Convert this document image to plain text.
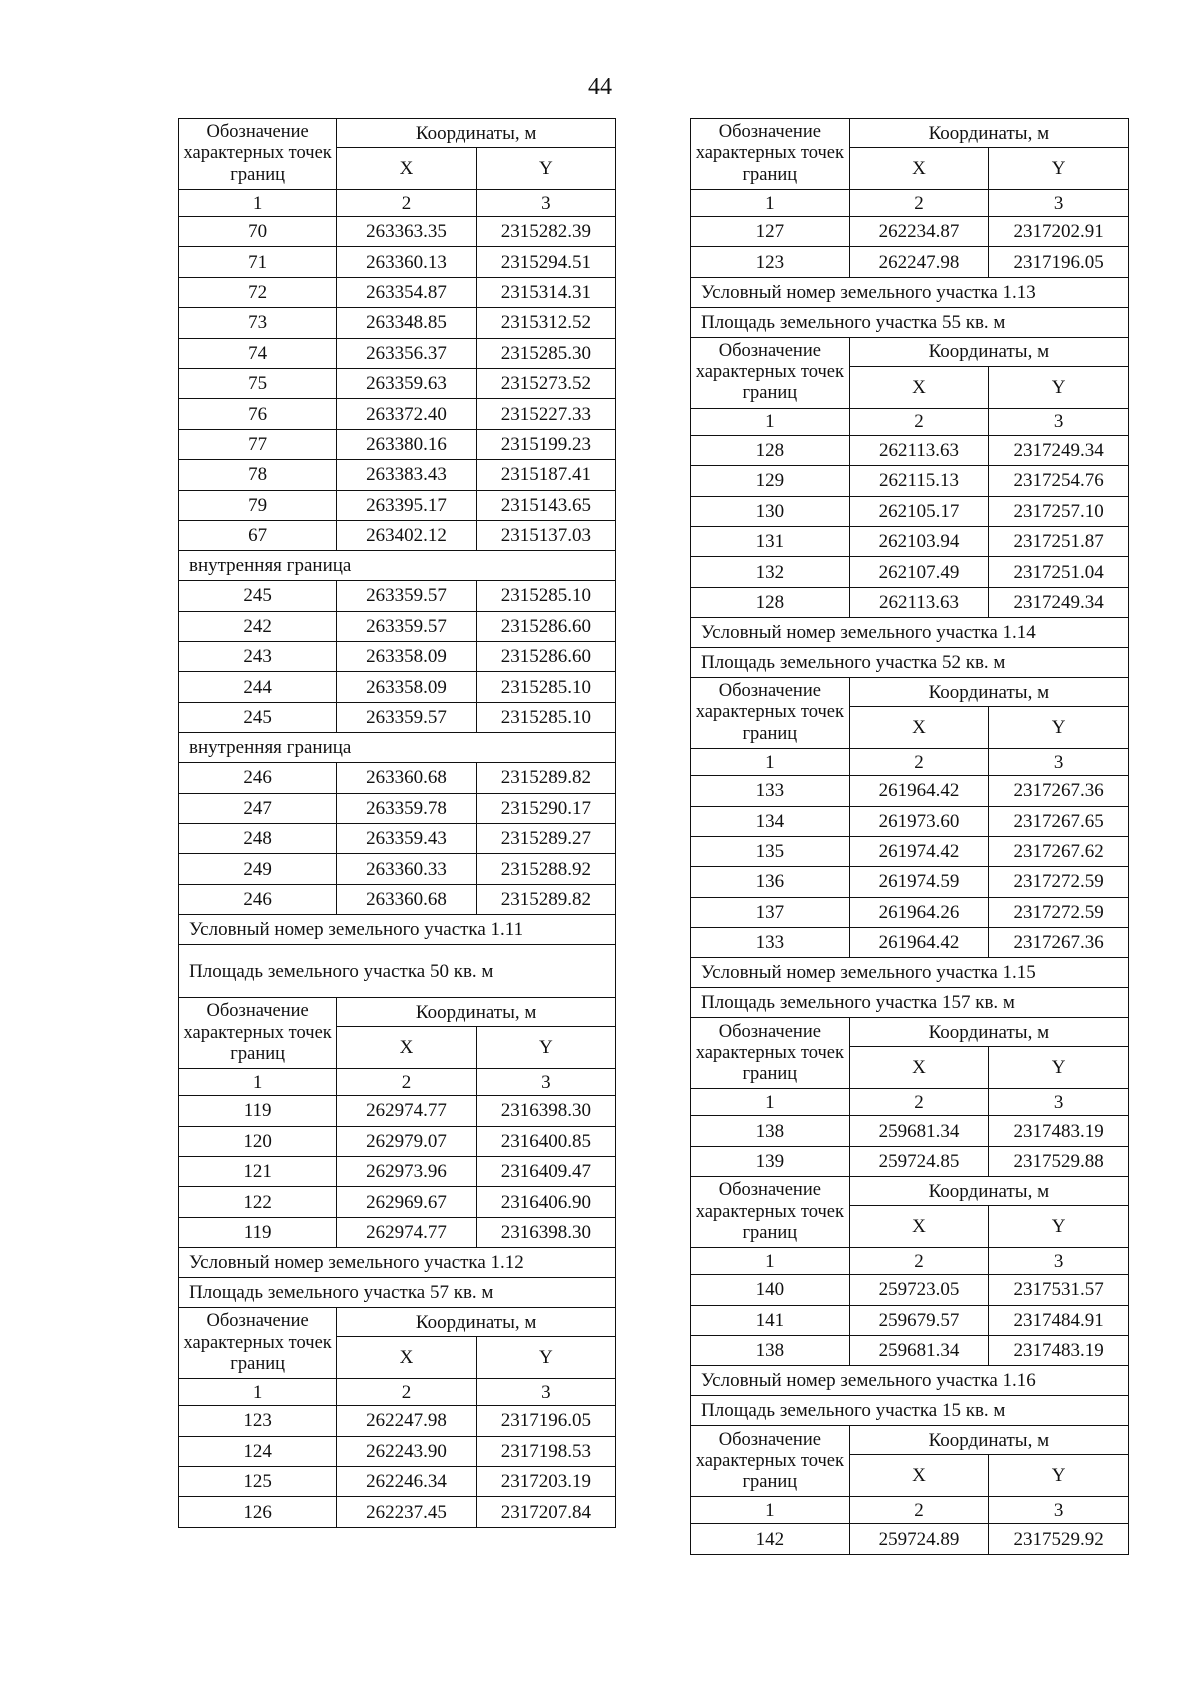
44
Обозначение характерных точек границ	Координаты, м	
	X	Y
1	2	3
70	263363.35	2315282.39
71	263360.13	2315294.51
72	263354.87	2315314.31
73	263348.85	2315312.52
74	263356.37	2315285.30
75	263359.63	2315273.52
76	263372.40	2315227.33
77	263380.16	2315199.23
78	263383.43	2315187.41
79	263395.17	2315143.65
67	263402.12	2315137.03
внутренняя граница		
245	263359.57	2315285.10
242	263359.57	2315286.60
243	263358.09	2315286.60
244	263358.09	2315285.10
245	263359.57	2315285.10
внутренняя граница		
246	263360.68	2315289.82
247	263359.78	2315290.17
248	263359.43	2315289.27
249	263360.33	2315288.92
246	263360.68	2315289.82
Условный номер земельного участка 1.11		
Площадь земельного участка 50 кв. м		
Обозначение характерных точек границ	Координаты, м	
	X	Y
1	2	3
119	262974.77	2316398.30
120	262979.07	2316400.85
121	262973.96	2316409.47
122	262969.67	2316406.90
119	262974.77	2316398.30
Условный номер земельного участка 1.12		
Площадь земельного участка 57 кв. м		
Обозначение характерных точек границ	Координаты, м	
	X	Y
1	2	3
123	262247.98	2317196.05
124	262243.90	2317198.53
125	262246.34	2317203.19
126	262237.45	2317207.84
Обозначение характерных точек границ	Координаты, м	
	X	Y
1	2	3
127	262234.87	2317202.91
123	262247.98	2317196.05
Условный номер земельного участка 1.13		
Площадь земельного участка 55 кв. м		
Обозначение характерных точек границ	Координаты, м	
	X	Y
1	2	3
128	262113.63	2317249.34
129	262115.13	2317254.76
130	262105.17	2317257.10
131	262103.94	2317251.87
132	262107.49	2317251.04
128	262113.63	2317249.34
Условный номер земельного участка 1.14		
Площадь земельного участка 52 кв. м		
Обозначение характерных точек границ	Координаты, м	
	X	Y
1	2	3
133	261964.42	2317267.36
134	261973.60	2317267.65
135	261974.42	2317267.62
136	261974.59	2317272.59
137	261964.26	2317272.59
133	261964.42	2317267.36
Условный номер земельного участка 1.15		
Площадь земельного участка 157 кв. м		
Обозначение характерных точек границ	Координаты, м	
	X	Y
1	2	3
138	259681.34	2317483.19
139	259724.85	2317529.88
Обозначение характерных точек границ	Координаты, м	
	X	Y
1	2	3
140	259723.05	2317531.57
141	259679.57	2317484.91
138	259681.34	2317483.19
Условный номер земельного участка 1.16		
Площадь земельного участка 15 кв. м		
Обозначение характерных точек границ	Координаты, м	
	X	Y
1	2	3
142	259724.89	2317529.92
